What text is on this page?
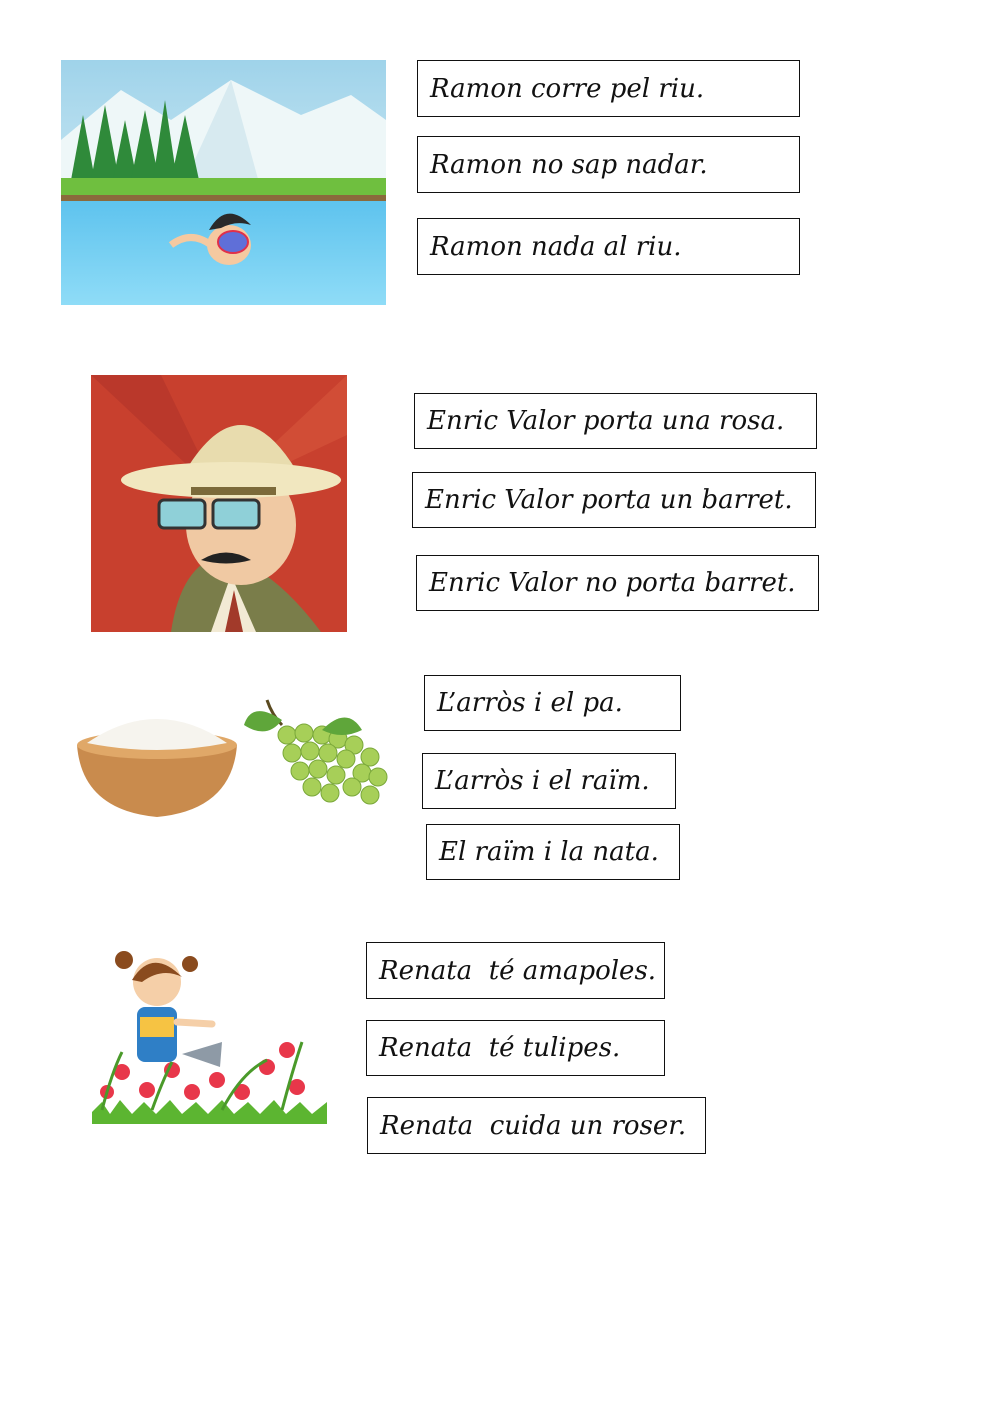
Ramon corre pel riu.
Ramon no sap nadar.
Ramon nada al riu.
Enric Valor porta una rosa.
Enric Valor porta un barret.
Enric Valor no porta barret.
L’arròs i el pa.
L’arròs i el raïm.
El raïm i la nata.
Renata  té amapoles.
Renata  té tulipes.
Renata  cuida un roser.
